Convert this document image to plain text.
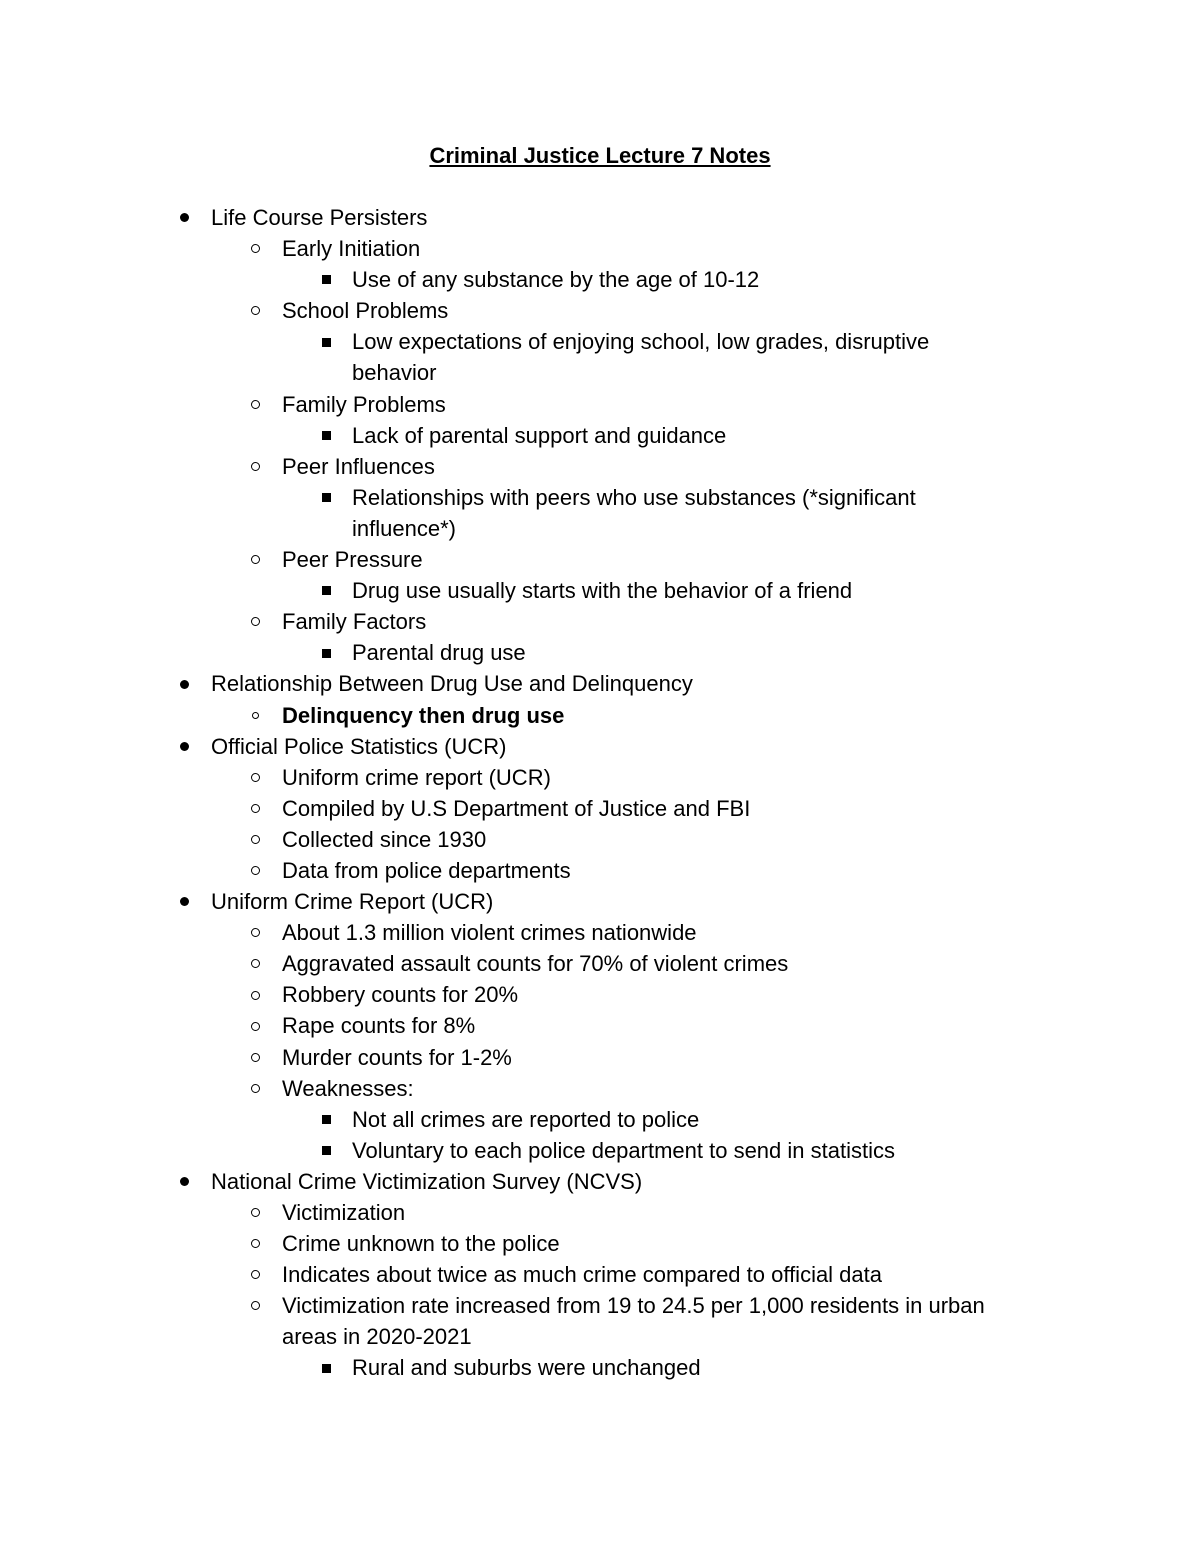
Criminal Justice Lecture 7 Notes
Life Course Persisters
Early Initiation
Use of any substance by the age of 10-12
School Problems
Low expectations of enjoying school, low grades, disruptive
behavior
Family Problems
Lack of parental support and guidance
Peer Influences
Relationships with peers who use substances (*significant
influence*)
Peer Pressure
Drug use usually starts with the behavior of a friend
Family Factors
Parental drug use
Relationship Between Drug Use and Delinquency
Delinquency then drug use
Official Police Statistics (UCR)
Uniform crime report (UCR)
Compiled by U.S Department of Justice and FBI
Collected since 1930
Data from police departments
Uniform Crime Report (UCR)
About 1.3 million violent crimes nationwide
Aggravated assault counts for 70% of violent crimes
Robbery counts for 20%
Rape counts for 8%
Murder counts for 1-2%
Weaknesses:
Not all crimes are reported to police
Voluntary to each police department to send in statistics
National Crime Victimization Survey (NCVS)
Victimization
Crime unknown to the police
Indicates about twice as much crime compared to official data
Victimization rate increased from 19 to 24.5 per 1,000 residents in urban
areas in 2020-2021
Rural and suburbs were unchanged
